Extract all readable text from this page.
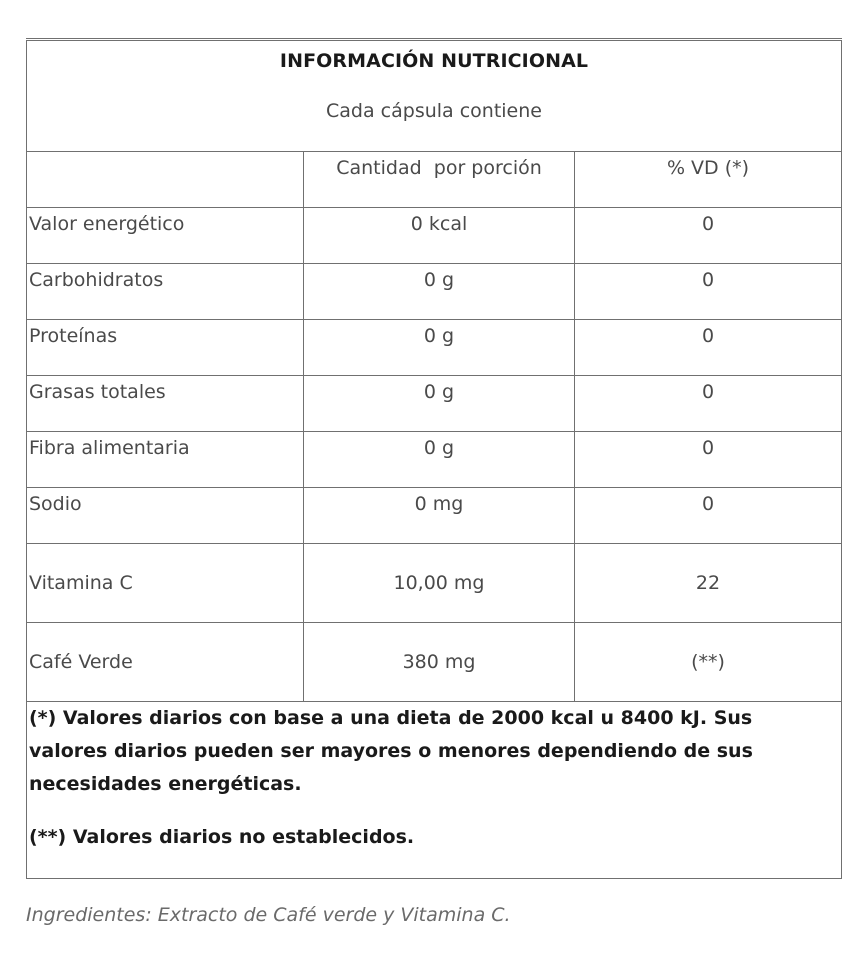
INFORMACIÓN NUTRICIONAL
Cada cápsula contiene		

	Cantidad  por porción	% VD (*)

Valor energético	0 kcal	0

Carbohidratos	0 g	0

Proteínas	0 g	0

Grasas totales	0 g	0

Fibra alimentaria	0 g	0

Sodio	0 mg	0

Vitamina C	10,00 mg	22

Café Verde	380 mg	(**)

(*) Valores diarios con base a una dieta de 2000 kcal u 8400 kJ. Sus valores diarios pueden ser mayores o menores dependiendo de sus necesidades energéticas.
(**) Valores diarios no establecidos.		
Ingredientes: Extracto de Café verde y Vitamina C.
